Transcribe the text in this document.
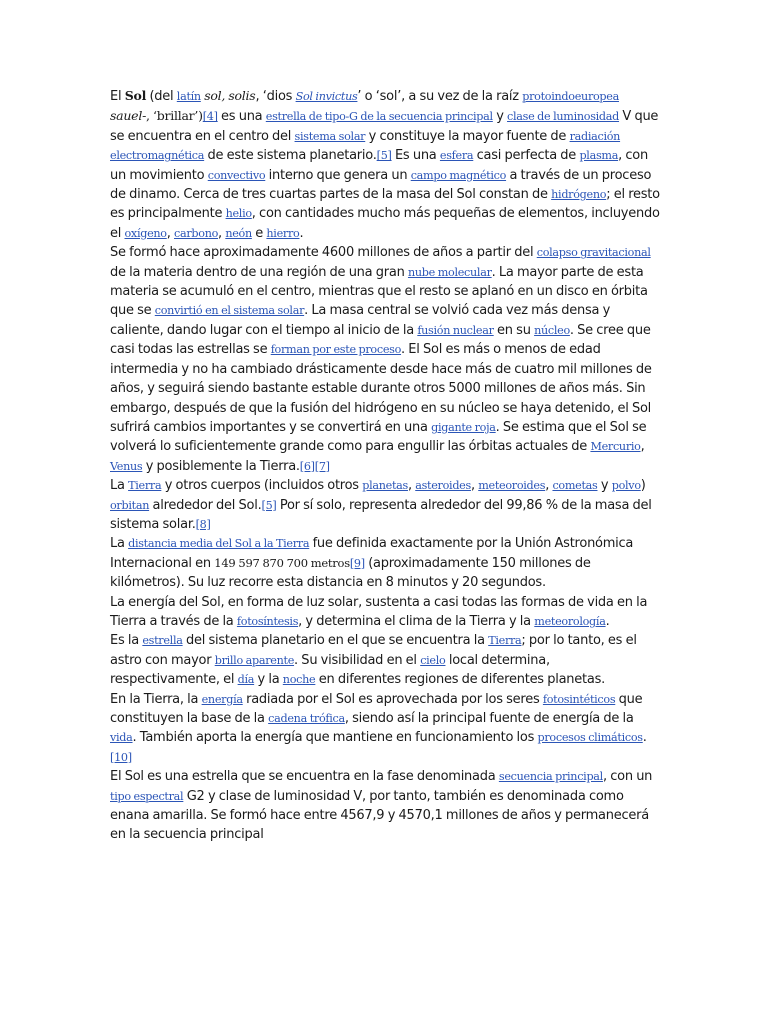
El Sol (del latín sol, solis, ‘dios Sol invictus’ o ‘sol’, a su vez de la raíz protoindoeuropea sauel-, ‘brillar’)[4] es una estrella de tipo-G de la secuencia principal y clase de luminosidad V que se encuentra en el centro del sistema solar y constituye la mayor fuente de radiación electromagnética de este sistema planetario.[5] Es una esfera casi perfecta de plasma, con un movimiento convectivo interno que genera un campo magnético a través de un proceso de dinamo. Cerca de tres cuartas partes de la masa del Sol constan de hidrógeno; el resto es principalmente helio, con cantidades mucho más pequeñas de elementos, incluyendo el oxígeno, carbono, neón e hierro.

Se formó hace aproximadamente 4600 millones de años a partir del colapso gravitacional de la materia dentro de una región de una gran nube molecular. La mayor parte de esta materia se acumuló en el centro, mientras que el resto se aplanó en un disco en órbita que se convirtió en el sistema solar. La masa central se volvió cada vez más densa y caliente, dando lugar con el tiempo al inicio de la fusión nuclear en su núcleo. Se cree que casi todas las estrellas se forman por este proceso. El Sol es más o menos de edad intermedia y no ha cambiado drásticamente desde hace más de cuatro mil millones de años, y seguirá siendo bastante estable durante otros 5000 millones de años más. Sin embargo, después de que la fusión del hidrógeno en su núcleo se haya detenido, el Sol sufrirá cambios importantes y se convertirá en una gigante roja. Se estima que el Sol se volverá lo suficientemente grande como para engullir las órbitas actuales de Mercurio, Venus y posiblemente la Tierra.[6][7]

La Tierra y otros cuerpos (incluidos otros planetas, asteroides, meteoroides, cometas y polvo) orbitan alrededor del Sol.[5] Por sí solo, representa alrededor del 99,86 % de la masa del sistema solar.[8]

La distancia media del Sol a la Tierra fue definida exactamente por la Unión Astronómica Internacional en 149 597 870 700 metros[9] (aproximadamente 150 millones de kilómetros). Su luz recorre esta distancia en 8 minutos y 20 segundos.

La energía del Sol, en forma de luz solar, sustenta a casi todas las formas de vida en la Tierra a través de la fotosíntesis, y determina el clima de la Tierra y la meteorología.

Es la estrella del sistema planetario en el que se encuentra la Tierra; por lo tanto, es el astro con mayor brillo aparente. Su visibilidad en el cielo local determina, respectivamente, el día y la noche en diferentes regiones de diferentes planetas.

En la Tierra, la energía radiada por el Sol es aprovechada por los seres fotosintéticos que constituyen la base de la cadena trófica, siendo así la principal fuente de energía de la vida. También aporta la energía que mantiene en funcionamiento los procesos climáticos.[10]

El Sol es una estrella que se encuentra en la fase denominada secuencia principal, con un tipo espectral G2 y clase de luminosidad V, por tanto, también es denominada como enana amarilla. Se formó hace entre 4567,9 y 4570,1 millones de años y permanecerá en la secuencia principal
